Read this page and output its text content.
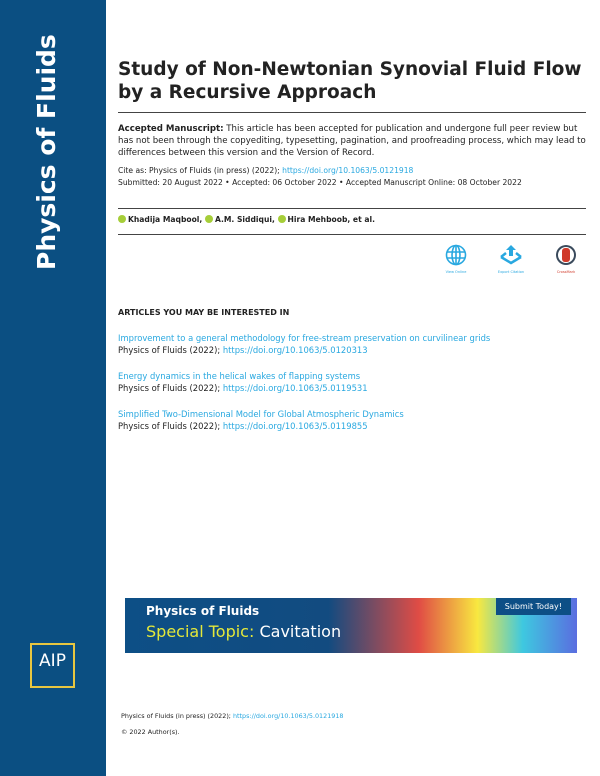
Physics of Fluids
AIP
Publishing
Study of Non-Newtonian Synovial Fluid Flow by a Recursive Approach
Accepted Manuscript: This article has been accepted for publication and undergone full peer review but has not been through the copyediting, typesetting, pagination, and proofreading process, which may lead to differences between this version and the Version of Record.
Cite as: Physics of Fluids (in press) (2022); https://doi.org/10.1063/5.0121918
Submitted: 20 August 2022 • Accepted: 06 October 2022 • Accepted Manuscript Online: 08 October 2022
Khadija Maqbool, A.M. Siddiqui, Hira Mehboob, et al.
View Online	Export Citation	CrossMark
ARTICLES YOU MAY BE INTERESTED IN
Improvement to a general methodology for free-stream preservation on curvilinear grids
Physics of Fluids (2022); https://doi.org/10.1063/5.0120313
Energy dynamics in the helical wakes of flapping systems
Physics of Fluids (2022); https://doi.org/10.1063/5.0119531
Simplified Two-Dimensional Model for Global Atmospheric Dynamics
Physics of Fluids (2022); https://doi.org/10.1063/5.0119855
Physics of Fluids
Special Topic: Cavitation
Submit Today!
Physics of Fluids (in press) (2022); https://doi.org/10.1063/5.0121918
© 2022 Author(s).
